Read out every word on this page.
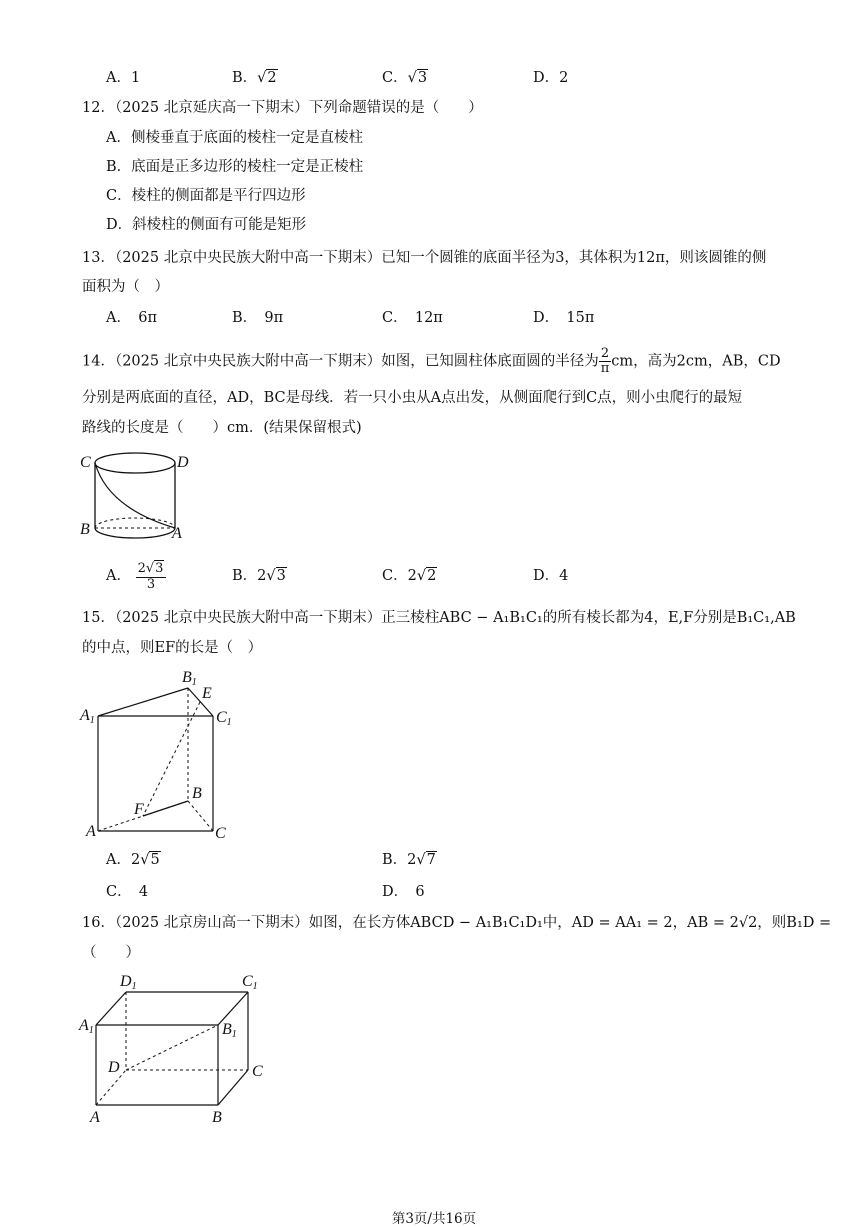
A．1	B．√2	C．√3	D．2
12．（2025 北京延庆高一下期末）下列命题错误的是（　　）
A．侧棱垂直于底面的棱柱一定是直棱柱
B．底面是正多边形的棱柱一定是正棱柱
C．棱柱的侧面都是平行四边形
D．斜棱柱的侧面有可能是矩形
13．（2025 北京中央民族大附中高一下期末）已知一个圆锥的底面半径为3，其体积为12π，则该圆锥的侧
面积为（　）
A．　6π	B．　9π	C．　12π	D．　15π
14．（2025 北京中央民族大附中高一下期末）如图，已知圆柱体底面圆的半径为 $\frac{2}{\pi}$ cm，高为2cm，AB，CD
分别是两底面的直径，AD，BC是母线．若一只小虫从A点出发，从侧面爬行到C点，则小虫爬行的最短
路线的长度是（　　）cm．(结果保留根式)
C	D
B	A
A． $\frac{2√3}{3}$	B．2√3	C．2√2	D．4
15．（2025 北京中央民族大附中高一下期末）正三棱柱ABC − A₁B₁C₁的所有棱长都为4，E,F分别是B₁C₁,AB
的中点，则EF的长是（　）
B1
E
A1	C1
B
F
A	C
A．2√5	B．2√7
C．　4	D．　6
16．（2025 北京房山高一下期末）如图，在长方体ABCD − A₁B₁C₁D₁中，AD = AA₁ = 2，AB = 2√2，则B₁D =
（　　）
D1	C1
A1	B1
D	C
A	B
第3页/共16页
